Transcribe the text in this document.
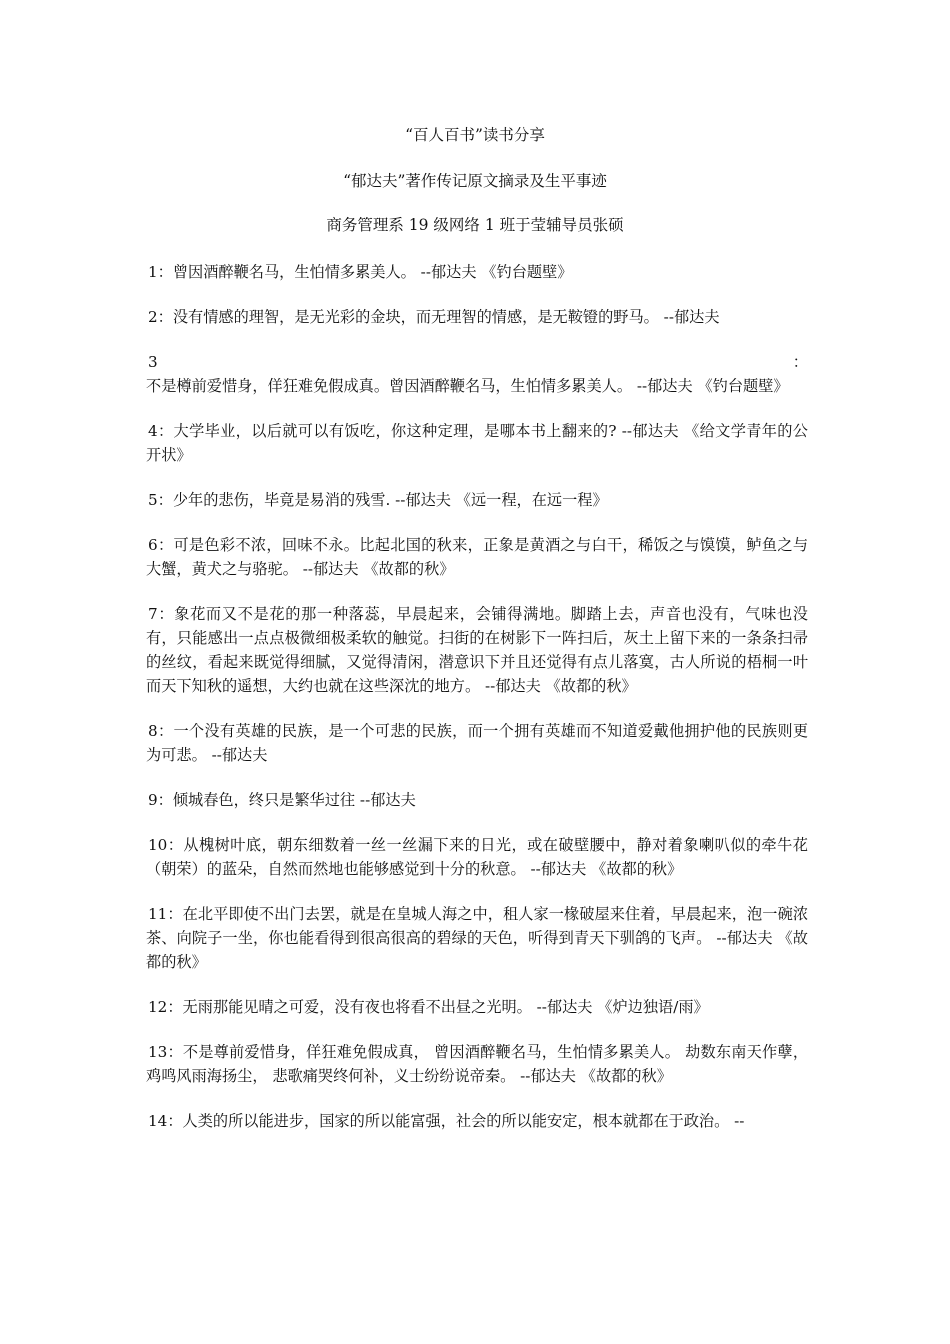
“百人百书”读书分享
“郁达夫”著作传记原文摘录及生平事迹
商务管理系 19 级网络 1 班于莹辅导员张硕

1：曾因酒醉鞭名马，生怕情多累美人。 --郁达夫 《钓台题壁》

2：没有情感的理智，是无光彩的金块，而无理智的情感，是无鞍镫的野马。 --郁达夫

3：不是樽前爱惜身，佯狂难免假成真。曾因酒醉鞭名马，生怕情多累美人。 --郁达夫 《钓台题壁》

4：大学毕业，以后就可以有饭吃，你这种定理，是哪本书上翻来的? --郁达夫 《给文学青年的公开状》

5：少年的悲伤，毕竟是易消的残雪. --郁达夫 《远一程，在远一程》

6：可是色彩不浓，回味不永。比起北国的秋来，正象是黄酒之与白干，稀饭之与馍馍，鲈鱼之与大蟹，黄犬之与骆驼。 --郁达夫 《故都的秋》

7：象花而又不是花的那一种落蕊，早晨起来，会铺得满地。脚踏上去，声音也没有，气味也没有，只能感出一点点极微细极柔软的触觉。扫街的在树影下一阵扫后，灰土上留下来的一条条扫帚的丝纹，看起来既觉得细腻，又觉得清闲，潜意识下并且还觉得有点儿落寞，古人所说的梧桐一叶而天下知秋的遥想，大约也就在这些深沈的地方。 --郁达夫 《故都的秋》

8：一个没有英雄的民族，是一个可悲的民族，而一个拥有英雄而不知道爱戴他拥护他的民族则更为可悲。 --郁达夫

9：倾城春色，终只是繁华过往 --郁达夫

10：从槐树叶底，朝东细数着一丝一丝漏下来的日光，或在破壁腰中，静对着象喇叭似的牵牛花（朝荣）的蓝朵，自然而然地也能够感觉到十分的秋意。 --郁达夫 《故都的秋》

11：在北平即使不出门去罢，就是在皇城人海之中，租人家一椽破屋来住着，早晨起来，泡一碗浓茶、向院子一坐，你也能看得到很高很高的碧绿的天色，听得到青天下驯鸽的飞声。 --郁达夫 《故都的秋》

12：无雨那能见晴之可爱，没有夜也将看不出昼之光明。 --郁达夫 《炉边独语/雨》

13：不是尊前爱惜身，佯狂难免假成真， 曾因酒醉鞭名马，生怕情多累美人。 劫数东南天作孽，鸡鸣风雨海扬尘， 悲歌痛哭终何补，义士纷纷说帝秦。 --郁达夫 《故都的秋》

14：人类的所以能进步，国家的所以能富强，社会的所以能安定，根本就都在于政治。 --
